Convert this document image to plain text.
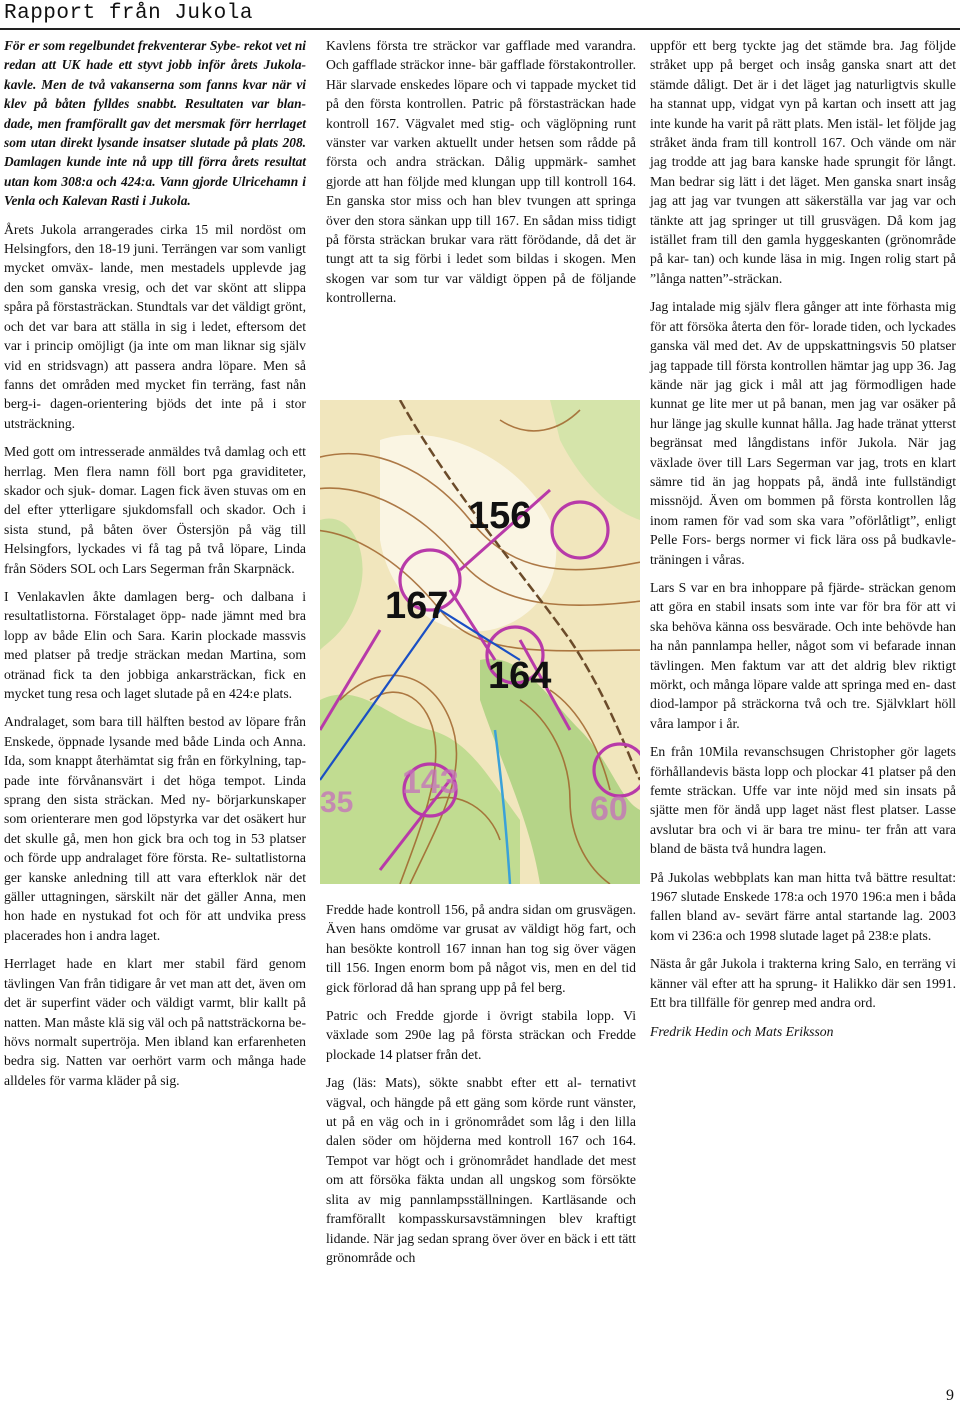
Rapport från Jukola

För er som regelbundet frekventerar Sybe- rekot vet ni redan att UK hade ett styvt jobb inför årets Jukola-kavle. Men de två vakanserna som fanns kvar när vi klev på båten fylldes snabbt. Resultaten var blan- dade, men framförallt gav det mersmak förr herrlaget som utan direkt lysande insatser slutade på plats 208. Damlagen kunde inte nå upp till förra årets resultat utan kom 308:a och 424:a. Vann gjorde Ulricehamn i Venla och Kalevan Rasti i Jukola.

Årets Jukola arrangerades cirka 15 mil nordöst om Helsingfors, den 18-19 juni. Terrängen var som vanligt mycket omväx- lande, men mestadels upplevde jag den som ganska vresig, och det var skönt att slippa spåra på förstasträckan. Stundtals var det väldigt grönt, och det var bara att ställa in sig i ledet, eftersom det var i princip omöjligt (ja inte om man liknar sig själv vid en stridsvagn) att passera andra löpare. Men så fanns det områden med mycket fin terräng, fast nån berg-i- dagen-orientering bjöds det inte på i stor utsträckning.

Med gott om intresserade anmäldes två damlag och ett herrlag. Men flera namn föll bort pga graviditeter, skador och sjuk- domar. Lagen fick även stuvas om en del efter ytterligare sjukdomsfall och skador. Och i sista stund, på båten över Östersjön på väg till Helsingfors, lyckades vi få tag på två löpare, Linda från Söders SOL och Lars Segerman från Skarpnäck.

I Venlakavlen åkte damlagen berg- och dalbana i resultatlistorna. Förstalaget öpp- nade jämnt med bra lopp av både Elin och Sara. Karin plockade massvis med platser på tredje sträckan medan Martina, som otränad fick ta den jobbiga ankarsträckan, fick en mycket tung resa och laget slutade på en 424:e plats.

Andralaget, som bara till hälften bestod av löpare från Enskede, öppnade lysande med både Linda och Anna. Ida, som knappt återhämtat sig från en förkylning, tap- pade inte förvånansvärt i det höga tempot. Linda sprang den sista sträckan. Med ny- börjarkunskaper som orienterare men god löpstyrka var det osäkert hur det skulle gå, men hon gick bra och tog in 53 platser och förde upp andralaget före första. Re- sultatlistorna ger kanske anledning till att vara efterklok när det gäller uttagningen, särskilt när det gäller Anna, men hon hade en nystukad fot och för att undvika press placerades hon i andra laget.

Herrlaget hade en klart mer stabil färd genom tävlingen Van från tidigare år vet man att det, även om det är superfint väder och väldigt varmt, blir kallt på natten. Man måste klä sig väl och på nattsträckorna be- hövs normalt supertröja. Men ibland kan erfarenheten bedra sig. Natten var oerhört varm och många hade alldeles för varma kläder på sig.

Kavlens första tre sträckor var gafflade med varandra. Och gafflade sträckor inne- bär gafflade förstakontroller. Här slarvade enskedes löpare och vi tappade mycket tid på den första kontrollen. Patric på förstasträckan hade kontroll 167. Vägvalet med stig- och väglöpning runt vänster var varken aktuellt under hetsen som rådde på första och andra sträckan. Dålig uppmärk- samhet gjorde att han följde med klungan upp till kontroll 164. En ganska stor miss och han blev tvungen att springa över den stora sänkan upp till 167. En sådan miss tidigt på första sträckan brukar vara rätt förödande, då det är tungt att ta sig förbi i ledet som bildas i skogen. Men skogen var som tur var väldigt öppen på de följande kontrollerna.

156
167
164
143
60
35

Fredde hade kontroll 156, på andra sidan om grusvägen. Även hans omdöme var grusat av väldigt hög fart, och han besökte kontroll 167 innan han tog sig över vägen till 156. Ingen enorm bom på något vis, men en del tid gick förlorad då han sprang upp på fel berg.

Patric och Fredde gjorde i övrigt stabila lopp. Vi växlade som 290e lag på första sträckan och Fredde plockade 14 platser från det.

Jag (läs: Mats), sökte snabbt efter ett al- ternativt vägval, och hängde på ett gäng som körde runt vänster, ut på en väg och in i grönområdet som låg i den lilla dalen söder om höjderna med kontroll 167 och 164. Tempot var högt och i grönområdet handlade det mest om att försöka fäkta undan all ungskog som försökte slita av mig pannlampsställningen. Kartläsande och framförallt kompasskursavstämningen blev kraftigt lidande. När jag sedan sprang över över en bäck i ett tätt grönområde och

uppför ett berg tyckte jag det stämde bra. Jag följde stråket upp på berget och insåg ganska snart att det stämde dåligt. Det är i det läget jag naturligtvis skulle ha stannat upp, vidgat vyn på kartan och insett att jag inte kunde ha varit på rätt plats. Men istäl- let följde jag stråket ända fram till kontroll 167. Och vände om när jag trodde att jag bara kanske hade sprungit för långt. Man bedrar sig lätt i det läget. Men ganska snart insåg jag att jag var tvungen att säkerställa var jag var och tänkte att jag springer ut till grusvägen. Då kom jag istället fram till den gamla hyggeskanten (grönområde på kar- tan) och kunde läsa in mig. Ingen rolig start på ”långa natten”-sträckan.

Jag intalade mig själv flera gånger att inte förhasta mig för att försöka återta den för- lorade tiden, och lyckades ganska väl med det. Av de uppskattningsvis 50 platser jag tappade till första kontrollen hämtar jag upp 36. Jag kände när jag gick i mål att jag förmodligen hade kunnat ge lite mer ut på banan, men jag var osäker på hur länge jag skulle kunnat hålla. Jag hade tränat ytterst begränsat med långdistans inför Jukola. När jag växlade över till Lars Segerman var jag, trots en klart sämre tid än jag hoppats på, ändå inte fullständigt missnöjd. Även om bommen på första kontrollen låg inom ramen för vad som ska vara ”oförlåtligt”, enligt Pelle Fors- bergs normer vi fick lära oss på budkavle- träningen i våras.

Lars S var en bra inhoppare på fjärde- sträckan genom att göra en stabil insats som inte var för bra för att vi ska behöva känna oss besvärade. Och inte behövde han ha nån pannlampa heller, något som vi befarade innan tävlingen. Men faktum var att det aldrig blev riktigt mörkt, och många löpare valde att springa med en- dast diod-lampor på sträckorna två och tre. Självklart höll våra lampor i år.

En från 10Mila revanschsugen Christopher gör lagets förhållandevis bästa lopp och plockar 41 platser på den femte sträckan. Uffe var inte nöjd med sin insats på sjätte men för ändå upp laget näst flest platser. Lasse avslutar bra och vi är bara tre minu- ter från att vara bland de bästa två hundra lagen.

På Jukolas webbplats kan man hitta två bättre resultat: 1967 slutade Enskede 178:a och 1970 196:a men i båda fallen bland av- sevärt färre antal startande lag. 2003 kom vi 236:a och 1998 slutade laget på 238:e plats.

Nästa år går Jukola i trakterna kring Salo, en terräng vi känner väl efter att ha sprung- it Halikko där sen 1991. Ett bra tillfälle för genrep med andra ord.

Fredrik Hedin och Mats Eriksson

9
